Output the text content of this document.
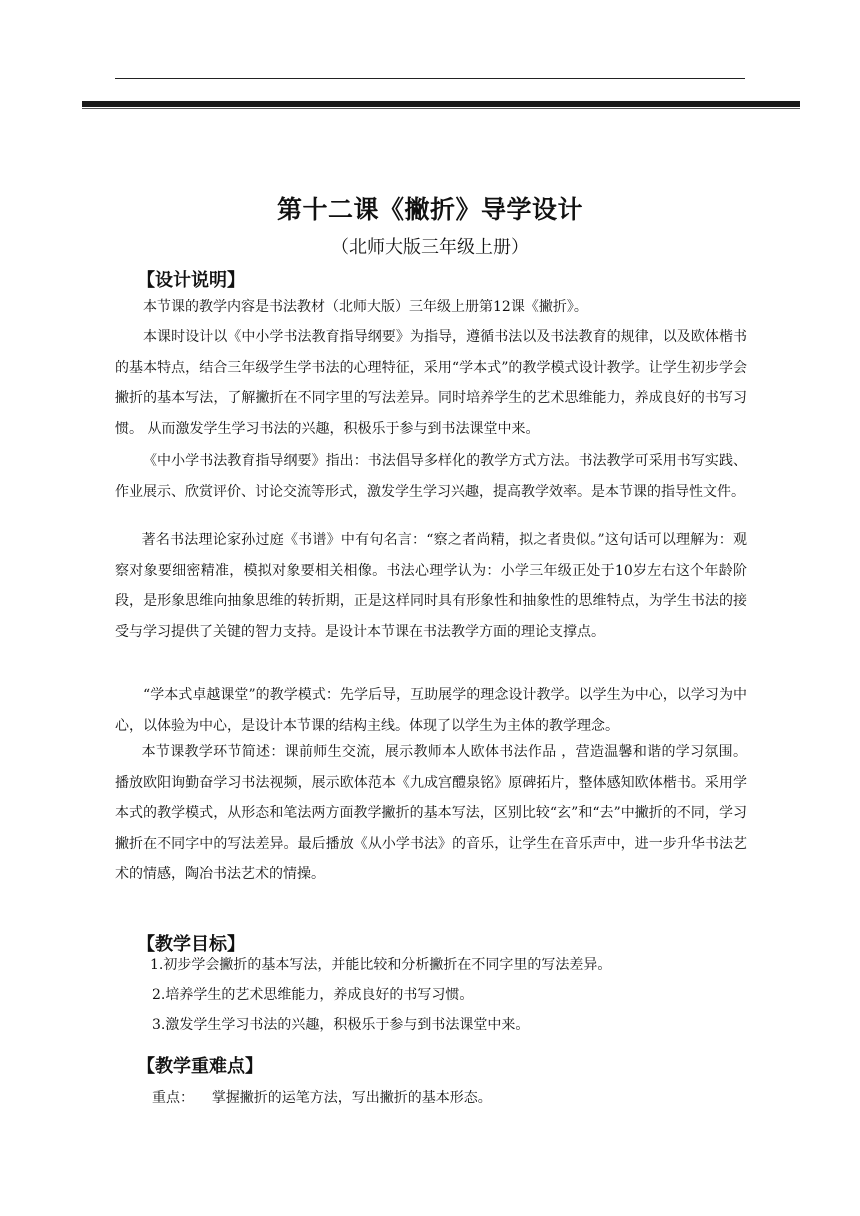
第十二课《撇折》导学设计
（北师大版三年级上册）
【设计说明】
本节课的教学内容是书法教材（北师大版）三年级上册第12课《撇折》。
本课时设计以《中小学书法教育指导纲要》为指导，遵循书法以及书法教育的规律，以及欧体楷书的基本特点，结合三年级学生学书法的心理特征，采用“学本式”的教学模式设计教学。让学生初步学会撇折的基本写法，了解撇折在不同字里的写法差异。同时培养学生的艺术思维能力，养成良好的书写习惯。 从而激发学生学习书法的兴趣，积极乐于参与到书法课堂中来。
《中小学书法教育指导纲要》指出：书法倡导多样化的教学方式方法。书法教学可采用书写实践、作业展示、欣赏评价、讨论交流等形式，激发学生学习兴趣，提高教学效率。是本节课的指导性文件。
著名书法理论家孙过庭《书谱》中有句名言：“察之者尚精，拟之者贵似。”这句话可以理解为：观察对象要细密精准，模拟对象要相关相像。书法心理学认为：小学三年级正处于10岁左右这个年龄阶段，是形象思维向抽象思维的转折期，正是这样同时具有形象性和抽象性的思维特点，为学生书法的接受与学习提供了关键的智力支持。是设计本节课在书法教学方面的理论支撑点。
“学本式卓越课堂”的教学模式：先学后导，互助展学的理念设计教学。以学生为中心，以学习为中心，以体验为中心，是设计本节课的结构主线。体现了以学生为主体的教学理念。
本节课教学环节简述：课前师生交流，展示教师本人欧体书法作品 ，营造温馨和谐的学习氛围。播放欧阳询勤奋学习书法视频，展示欧体范本《九成宫醴泉铭》原碑拓片，整体感知欧体楷书。采用学本式的教学模式，从形态和笔法两方面教学撇折的基本写法，区别比较“玄”和“去”中撇折的不同，学习撇折在不同字中的写法差异。最后播放《从小学书法》的音乐，让学生在音乐声中，进一步升华书法艺术的情感，陶冶书法艺术的情操。
【教学目标】
1.初步学会撇折的基本写法，并能比较和分析撇折在不同字里的写法差异。
2.培养学生的艺术思维能力，养成良好的书写习惯。
3.激发学生学习书法的兴趣，积极乐于参与到书法课堂中来。
【教学重难点】
重点： 掌握撇折的运笔方法，写出撇折的基本形态。
